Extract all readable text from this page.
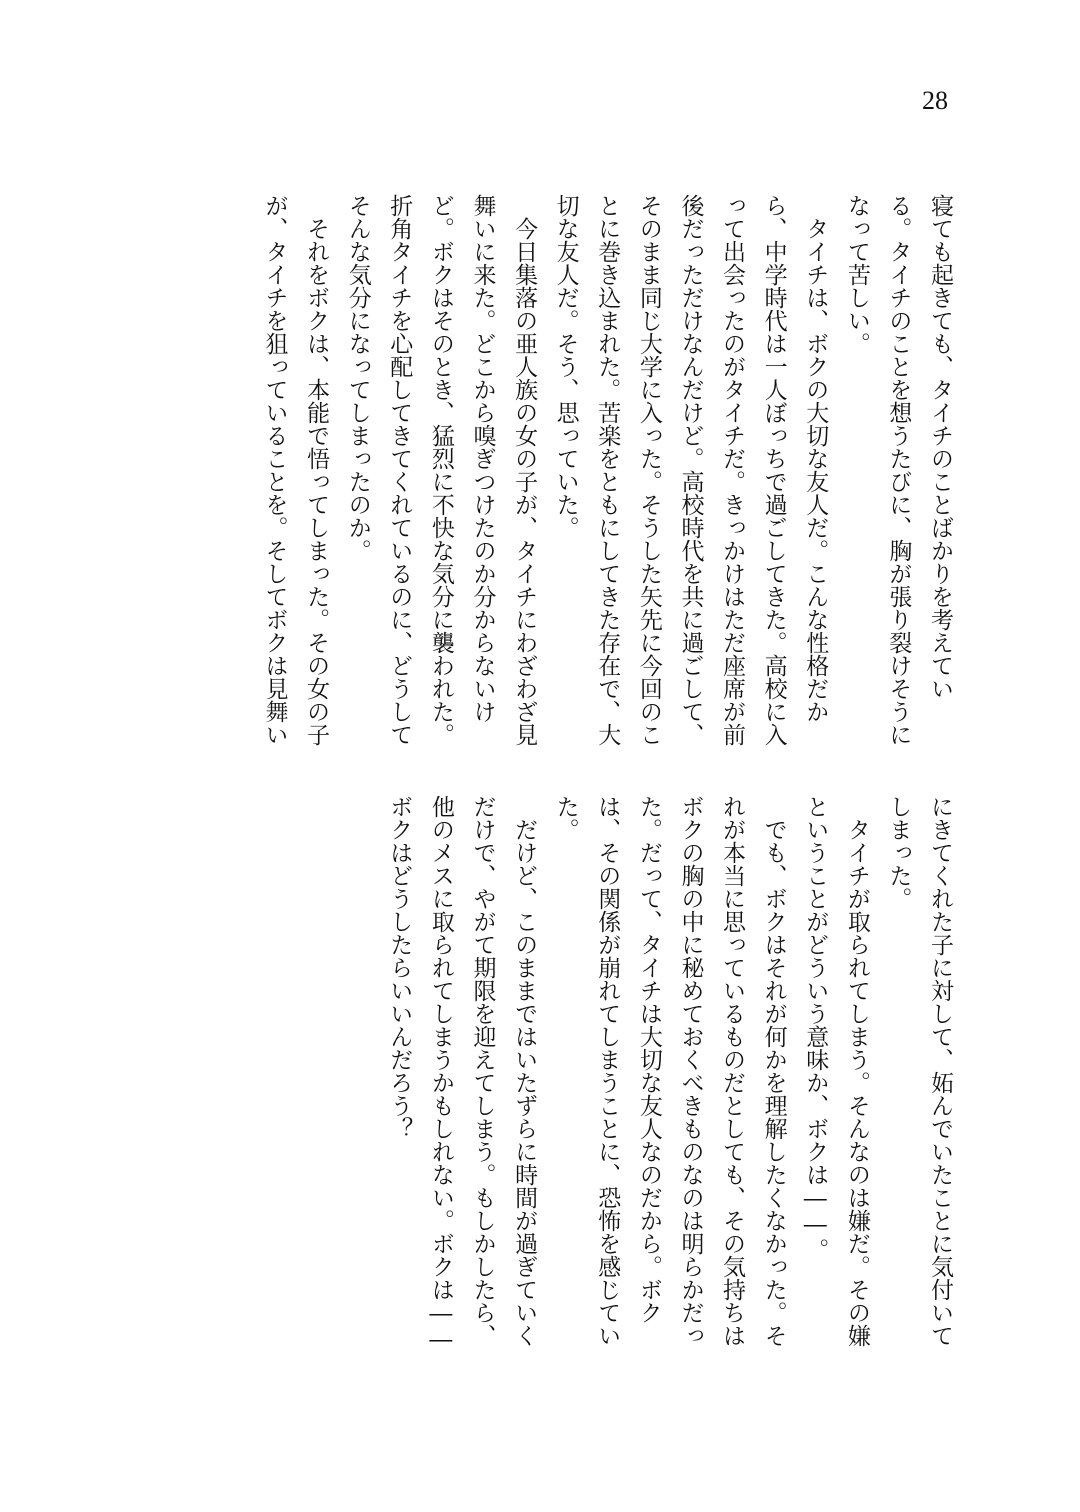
28
寝ても起きても、タイチのことばかりを考えてい
る。タイチのことを想うたびに、胸が張り裂けそうに
なって苦しい。
　タイチは、ボクの大切な友人だ。こんな性格だか
ら、中学時代は一人ぼっちで過ごしてきた。高校に入
って出会ったのがタイチだ。きっかけはただ座席が前
後だっただけなんだけど。高校時代を共に過ごして、
そのまま同じ大学に入った。そうした矢先に今回のこ
とに巻き込まれた。苦楽をともにしてきた存在で、大
切な友人だ。そう、思っていた。
　今日集落の亜人族の女の子が、タイチにわざわざ見
舞いに来た。どこから嗅ぎつけたのか分からないけ
ど。ボクはそのとき、猛烈に不快な気分に襲われた。
折角タイチを心配してきてくれているのに、どうして
そんな気分になってしまったのか。
　それをボクは、本能で悟ってしまった。その女の子
が、タイチを狙っていることを。そしてボクは見舞い
にきてくれた子に対して、妬んでいたことに気付いて
しまった。
　タイチが取られてしまう。そんなのは嫌だ。その嫌
ということがどういう意味か、ボクは――。
　でも、ボクはそれが何かを理解したくなかった。そ
れが本当に思っているものだとしても、その気持ちは
ボクの胸の中に秘めておくべきものなのは明らかだっ
た。だって、タイチは大切な友人なのだから。ボク
は、その関係が崩れてしまうことに、恐怖を感じてい
た。
　だけど、このままではいたずらに時間が過ぎていく
だけで、やがて期限を迎えてしまう。もしかしたら、
他のメスに取られてしまうかもしれない。ボクは――
ボクはどうしたらいいんだろう？
